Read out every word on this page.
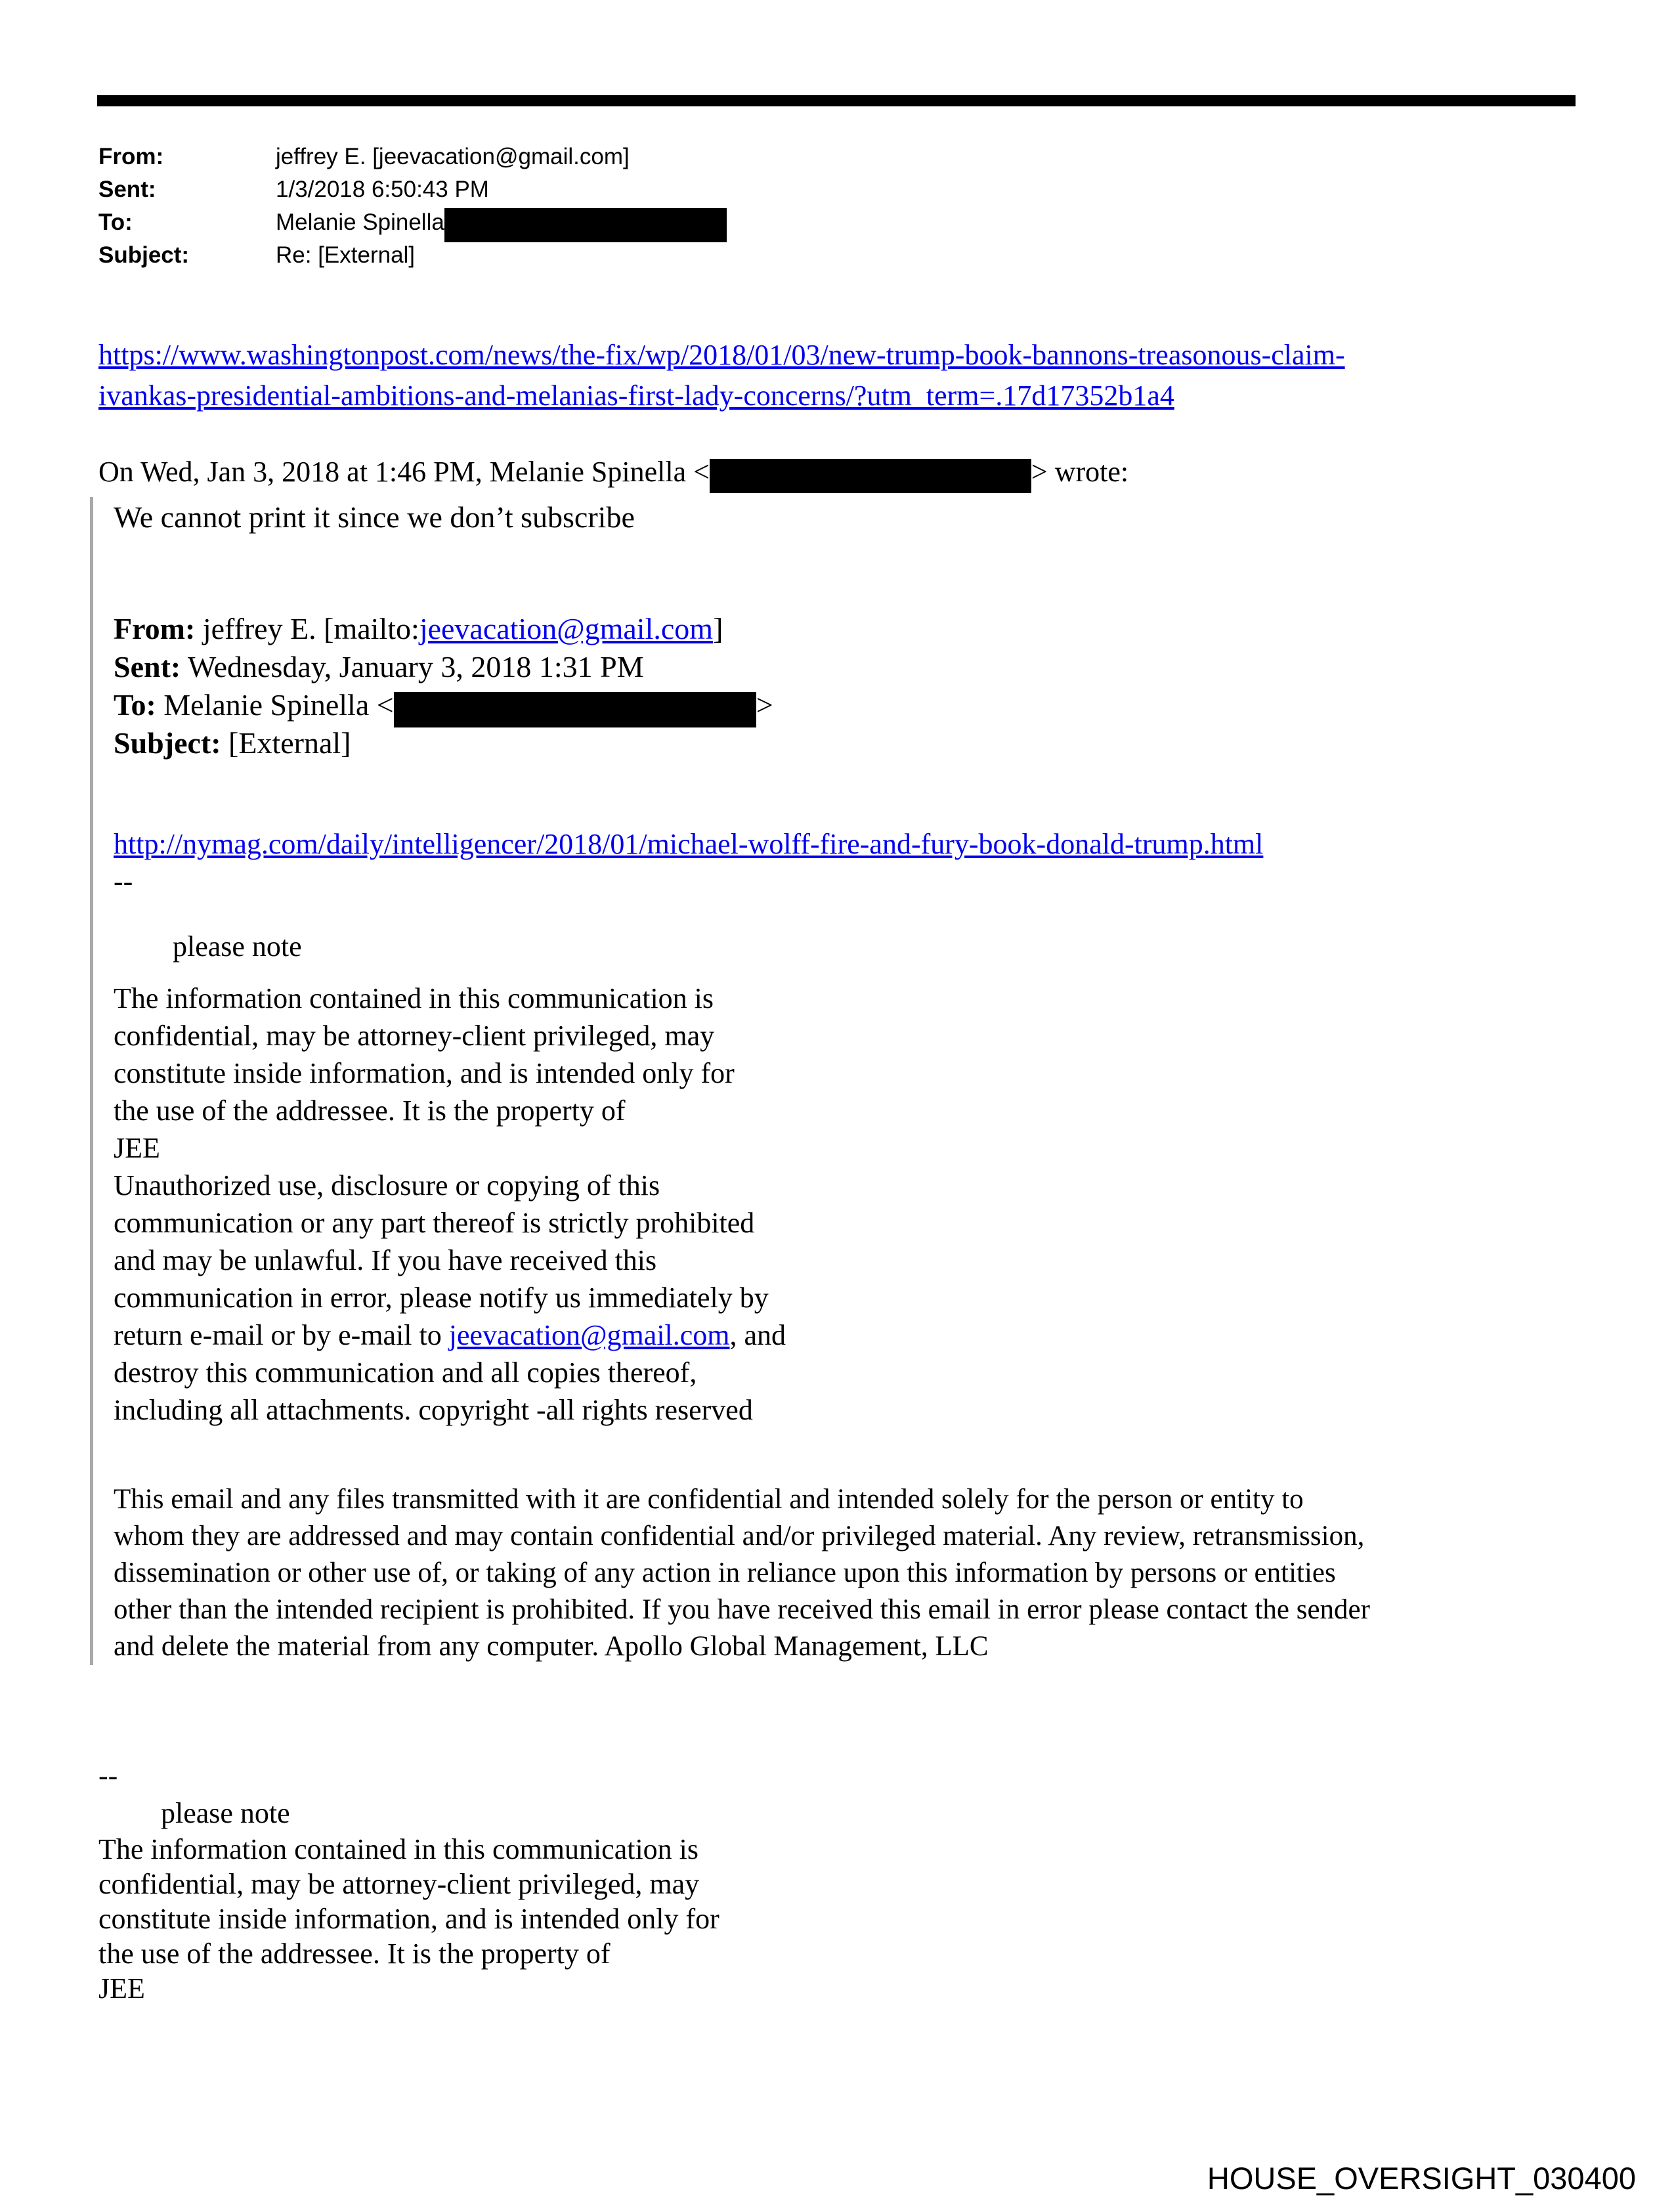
From:	jeffrey E. [jeevacation@gmail.com]
Sent:	1/3/2018 6:50:43 PM
To:	Melanie Spinella
Subject:	Re: [External]
https://www.washingtonpost.com/news/the-fix/wp/2018/01/03/new-trump-book-bannons-treasonous-claim-
ivankas-presidential-ambitions-and-melanias-first-lady-concerns/?utm_term=.17d17352b1a4
On Wed, Jan 3, 2018 at 1:46 PM, Melanie Spinella <	> wrote:
We cannot print it since we don’t subscribe
From: jeffrey E. [mailto:jeevacation@gmail.com]
Sent: Wednesday, January 3, 2018 1:31 PM
To: Melanie Spinella <	>
Subject: [External]
http://nymag.com/daily/intelligencer/2018/01/michael-wolff-fire-and-fury-book-donald-trump.html
--
please note
The information contained in this communication is
confidential, may be attorney-client privileged, may
constitute inside information, and is intended only for
the use of the addressee. It is the property of
JEE
Unauthorized use, disclosure or copying of this
communication or any part thereof is strictly prohibited
and may be unlawful. If you have received this
communication in error, please notify us immediately by
return e-mail or by e-mail to jeevacation@gmail.com, and
destroy this communication and all copies thereof,
including all attachments. copyright -all rights reserved
This email and any files transmitted with it are confidential and intended solely for the person or entity to
whom they are addressed and may contain confidential and/or privileged material. Any review, retransmission,
dissemination or other use of, or taking of any action in reliance upon this information by persons or entities
other than the intended recipient is prohibited. If you have received this email in error please contact the sender
and delete the material from any computer. Apollo Global Management, LLC
--
please note
The information contained in this communication is
confidential, may be attorney-client privileged, may
constitute inside information, and is intended only for
the use of the addressee. It is the property of
JEE
HOUSE_OVERSIGHT_030400
